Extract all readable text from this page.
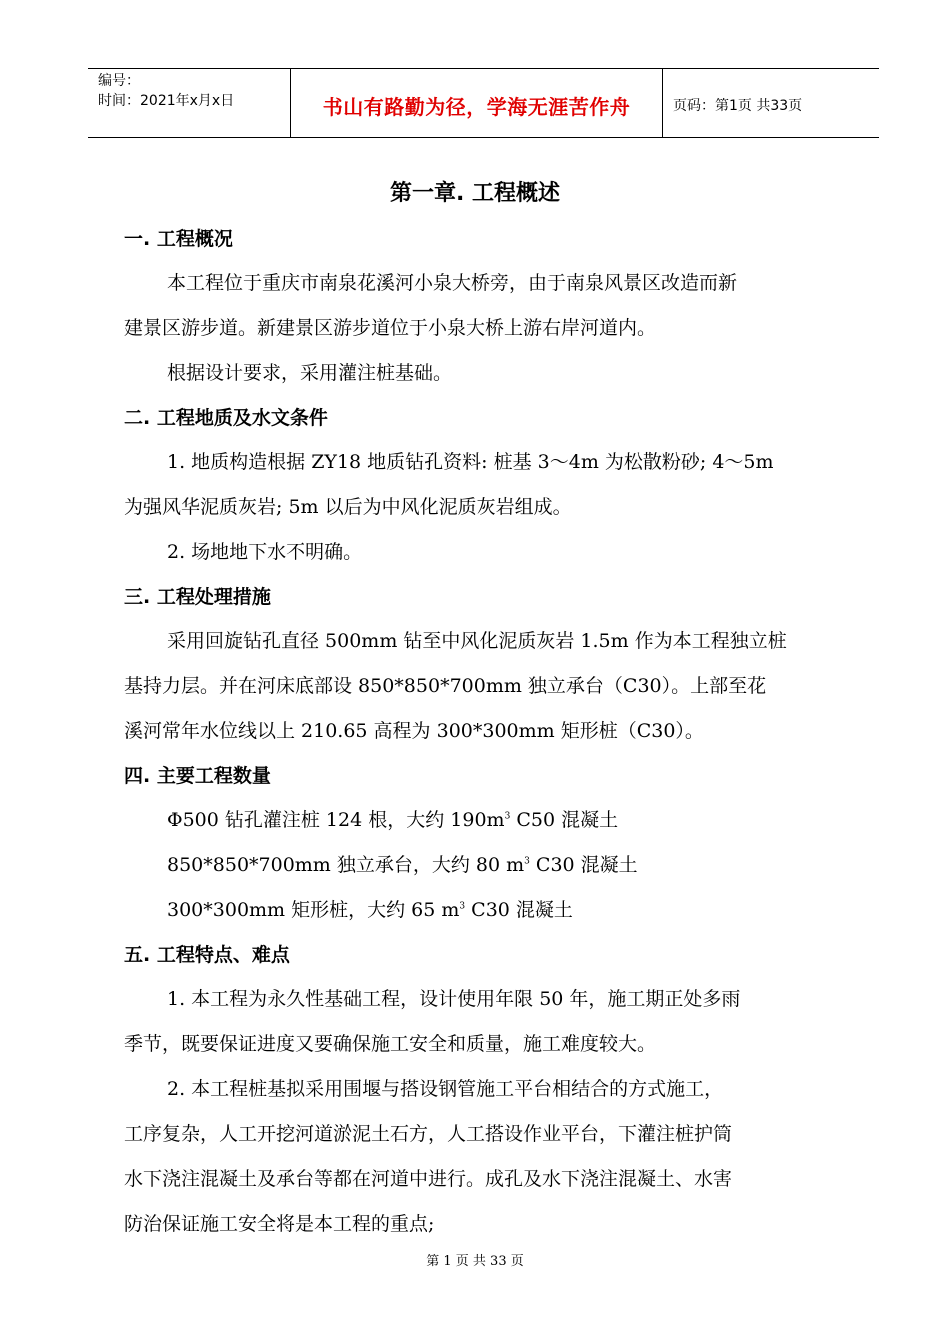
编号：
时间：2021年x月x日	书山有路勤为径，学海无涯苦作舟	页码：第1页 共33页
第一章. 工程概述
一. 工程概况
本工程位于重庆市南泉花溪河小泉大桥旁，由于南泉风景区改造而新
建景区游步道。新建景区游步道位于小泉大桥上游右岸河道内。
根据设计要求，采用灌注桩基础。
二. 工程地质及水文条件
1. 地质构造根据 ZY18 地质钻孔资料: 桩基 3～4m 为松散粉砂; 4～5m
为强风华泥质灰岩; 5m 以后为中风化泥质灰岩组成。
2. 场地地下水不明确。
三. 工程处理措施
采用回旋钻孔直径 500mm 钻至中风化泥质灰岩 1.5m 作为本工程独立桩
基持力层。并在河床底部设 850*850*700mm 独立承台（C30）。上部至花
溪河常年水位线以上 210.65 高程为 300*300mm 矩形桩（C30）。
四. 主要工程数量
Φ500 钻孔灌注桩 124 根，大约 $190m^3$ C50 混凝土
850*850*700mm 独立承台，大约 80 $m^3$ C30 混凝土
300*300mm 矩形桩，大约 65 $m^3$ C30 混凝土
五. 工程特点、难点
1. 本工程为永久性基础工程，设计使用年限 50 年，施工期正处多雨
季节，既要保证进度又要确保施工安全和质量，施工难度较大。
2. 本工程桩基拟采用围堰与搭设钢管施工平台相结合的方式施工，
工序复杂，人工开挖河道淤泥土石方，人工搭设作业平台，下灌注桩护筒
水下浇注混凝土及承台等都在河道中进行。成孔及水下浇注混凝土、水害
防治保证施工安全将是本工程的重点;
第 1 页 共 33 页
